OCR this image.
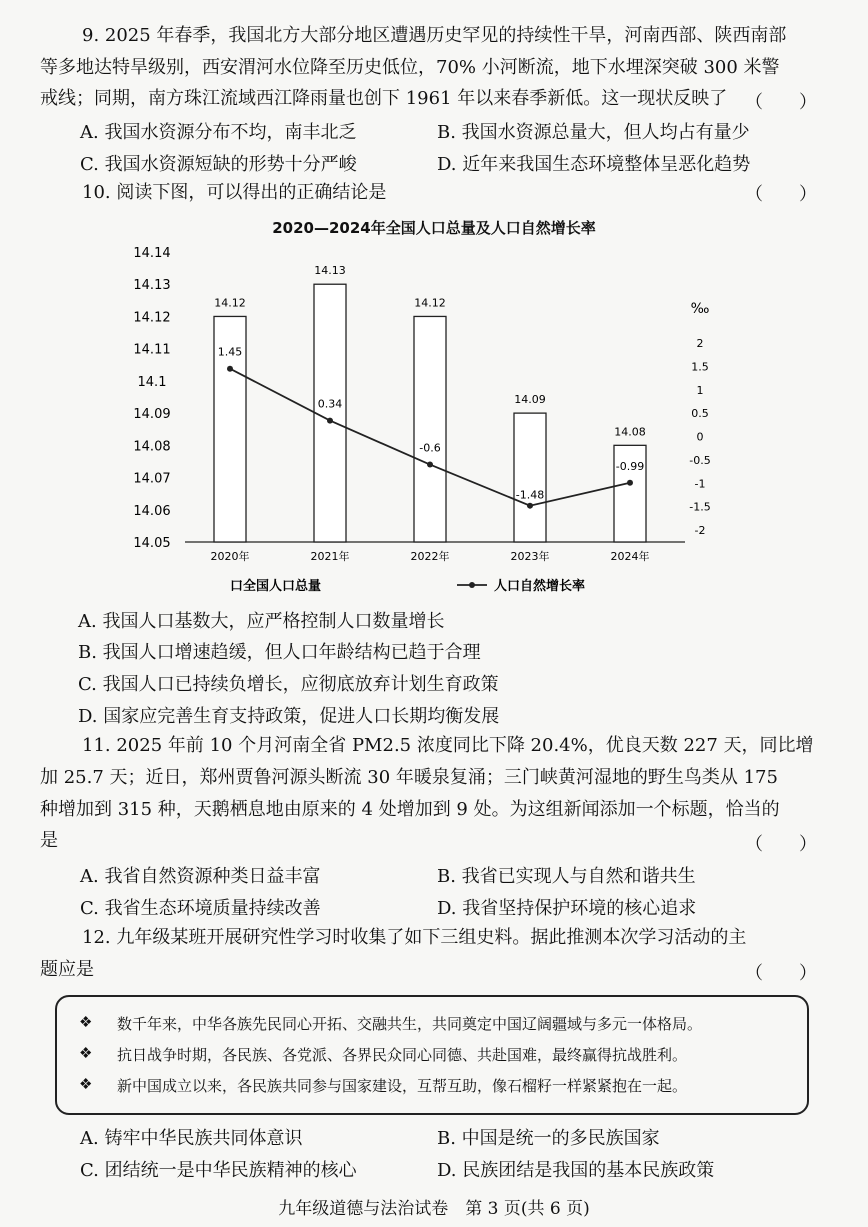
9. 2025 年春季，我国北方大部分地区遭遇历史罕见的持续性干旱，河南西部、陕西南部
等多地达特旱级别，西安渭河水位降至历史低位，70% 小河断流，地下水埋深突破 300 米警
戒线；同期，南方珠江流域西江降雨量也创下 1961 年以来春季新低。这一现状反映了 （　　）
A. 我国水资源分布不均，南丰北乏	B. 我国水资源总量大，但人均占有量少
C. 我国水资源短缺的形势十分严峻	D. 近年来我国生态环境整体呈恶化趋势
10. 阅读下图，可以得出的正确结论是	（　　）
2020—2024年全国人口总量及人口自然增长率
14.14
14.13
14.12
14.11
14.1
14.09
14.08
14.07
14.06
14.05
‰
2
1.5
1
0.5
0
-0.5
-1
-1.5
-2
14.12
14.13
14.12
14.09
14.08
2020年	2021年	2022年	2023年	2024年
1.45
0.34
-0.6
-1.48
-0.99
口全国人口总量	人口自然增长率
A. 我国人口基数大，应严格控制人口数量增长
B. 我国人口增速趋缓，但人口年龄结构已趋于合理
C. 我国人口已持续负增长，应彻底放弃计划生育政策
D. 国家应完善生育支持政策，促进人口长期均衡发展
11. 2025 年前 10 个月河南全省 PM2.5 浓度同比下降 20.4%，优良天数 227 天，同比增
加 25.7 天；近日，郑州贾鲁河源头断流 30 年暖泉复涌；三门峡黄河湿地的野生鸟类从 175
种增加到 315 种，天鹅栖息地由原来的 4 处增加到 9 处。为这组新闻添加一个标题，恰当的
是	（　　）
A. 我省自然资源种类日益丰富	B. 我省已实现人与自然和谐共生
C. 我省生态环境质量持续改善	D. 我省坚持保护环境的核心追求
12. 九年级某班开展研究性学习时收集了如下三组史料。据此推测本次学习活动的主
题应是	（　　）
❖ 数千年来，中华各族先民同心开拓、交融共生，共同奠定中国辽阔疆域与多元一体格局。
❖ 抗日战争时期，各民族、各党派、各界民众同心同德、共赴国难，最终赢得抗战胜利。
❖ 新中国成立以来，各民族共同参与国家建设，互帮互助，像石榴籽一样紧紧抱在一起。
A. 铸牢中华民族共同体意识	B. 中国是统一的多民族国家
C. 团结统一是中华民族精神的核心	D. 民族团结是我国的基本民族政策
九年级道德与法治试卷　第 3 页(共 6 页)
